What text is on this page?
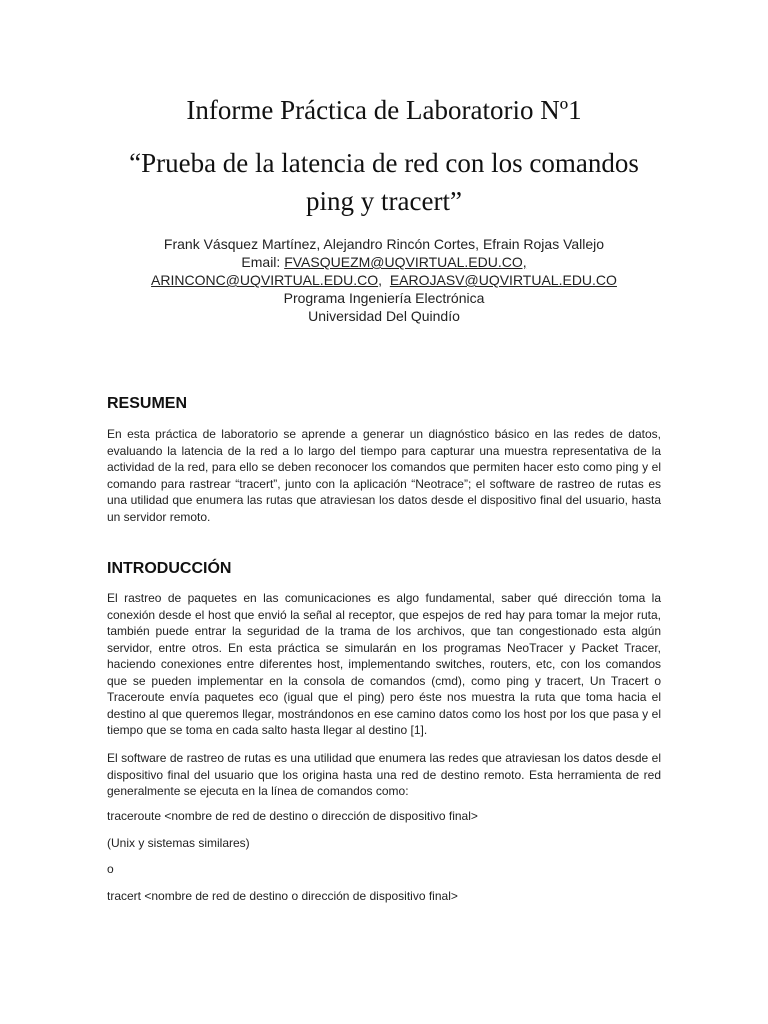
Informe Práctica de Laboratorio Nº1
“Prueba de la latencia de red con los comandos
ping y tracert”
Frank Vásquez Martínez, Alejandro Rincón Cortes, Efrain Rojas Vallejo
Email: FVASQUEZM@UQVIRTUAL.EDU.CO,
ARINCONC@UQVIRTUAL.EDU.CO,  EAROJASV@UQVIRTUAL.EDU.CO
Programa Ingeniería Electrónica
Universidad Del Quindío
RESUMEN

En esta práctica de laboratorio se aprende a generar un diagnóstico básico en las redes de datos, evaluando la latencia de la red a lo largo del tiempo para capturar una muestra representativa de la actividad de la red, para ello se deben reconocer los comandos que permiten hacer esto como ping y el comando para rastrear “tracert”, junto con la aplicación “Neotrace”; el software de rastreo de rutas es una utilidad que enumera las rutas que atraviesan los datos desde el dispositivo final del usuario, hasta un servidor remoto.

INTRODUCCIÓN

El rastreo de paquetes en las comunicaciones es algo fundamental, saber qué dirección toma la conexión desde el host que envió la señal al receptor, que espejos de red hay para tomar la mejor ruta, también puede entrar la seguridad de la trama de los archivos, que tan congestionado esta algún servidor, entre otros. En esta práctica se simularán en los programas NeoTracer y Packet Tracer, haciendo conexiones entre diferentes host, implementando switches, routers, etc, con los comandos que se pueden implementar en la consola de comandos (cmd), como ping y tracert, Un Tracert o Traceroute envía paquetes eco (igual que el ping) pero éste nos muestra la ruta que toma hacia el destino al que queremos llegar, mostrándonos en ese camino datos como los host por los que pasa y el tiempo que se toma en cada salto hasta llegar al destino [1].

El software de rastreo de rutas es una utilidad que enumera las redes que atraviesan los datos desde el dispositivo final del usuario que los origina hasta una red de destino remoto. Esta herramienta de red generalmente se ejecuta en la línea de comandos como:

traceroute <nombre de red de destino o dirección de dispositivo final>

(Unix y sistemas similares)

o

tracert <nombre de red de destino o dirección de dispositivo final>
